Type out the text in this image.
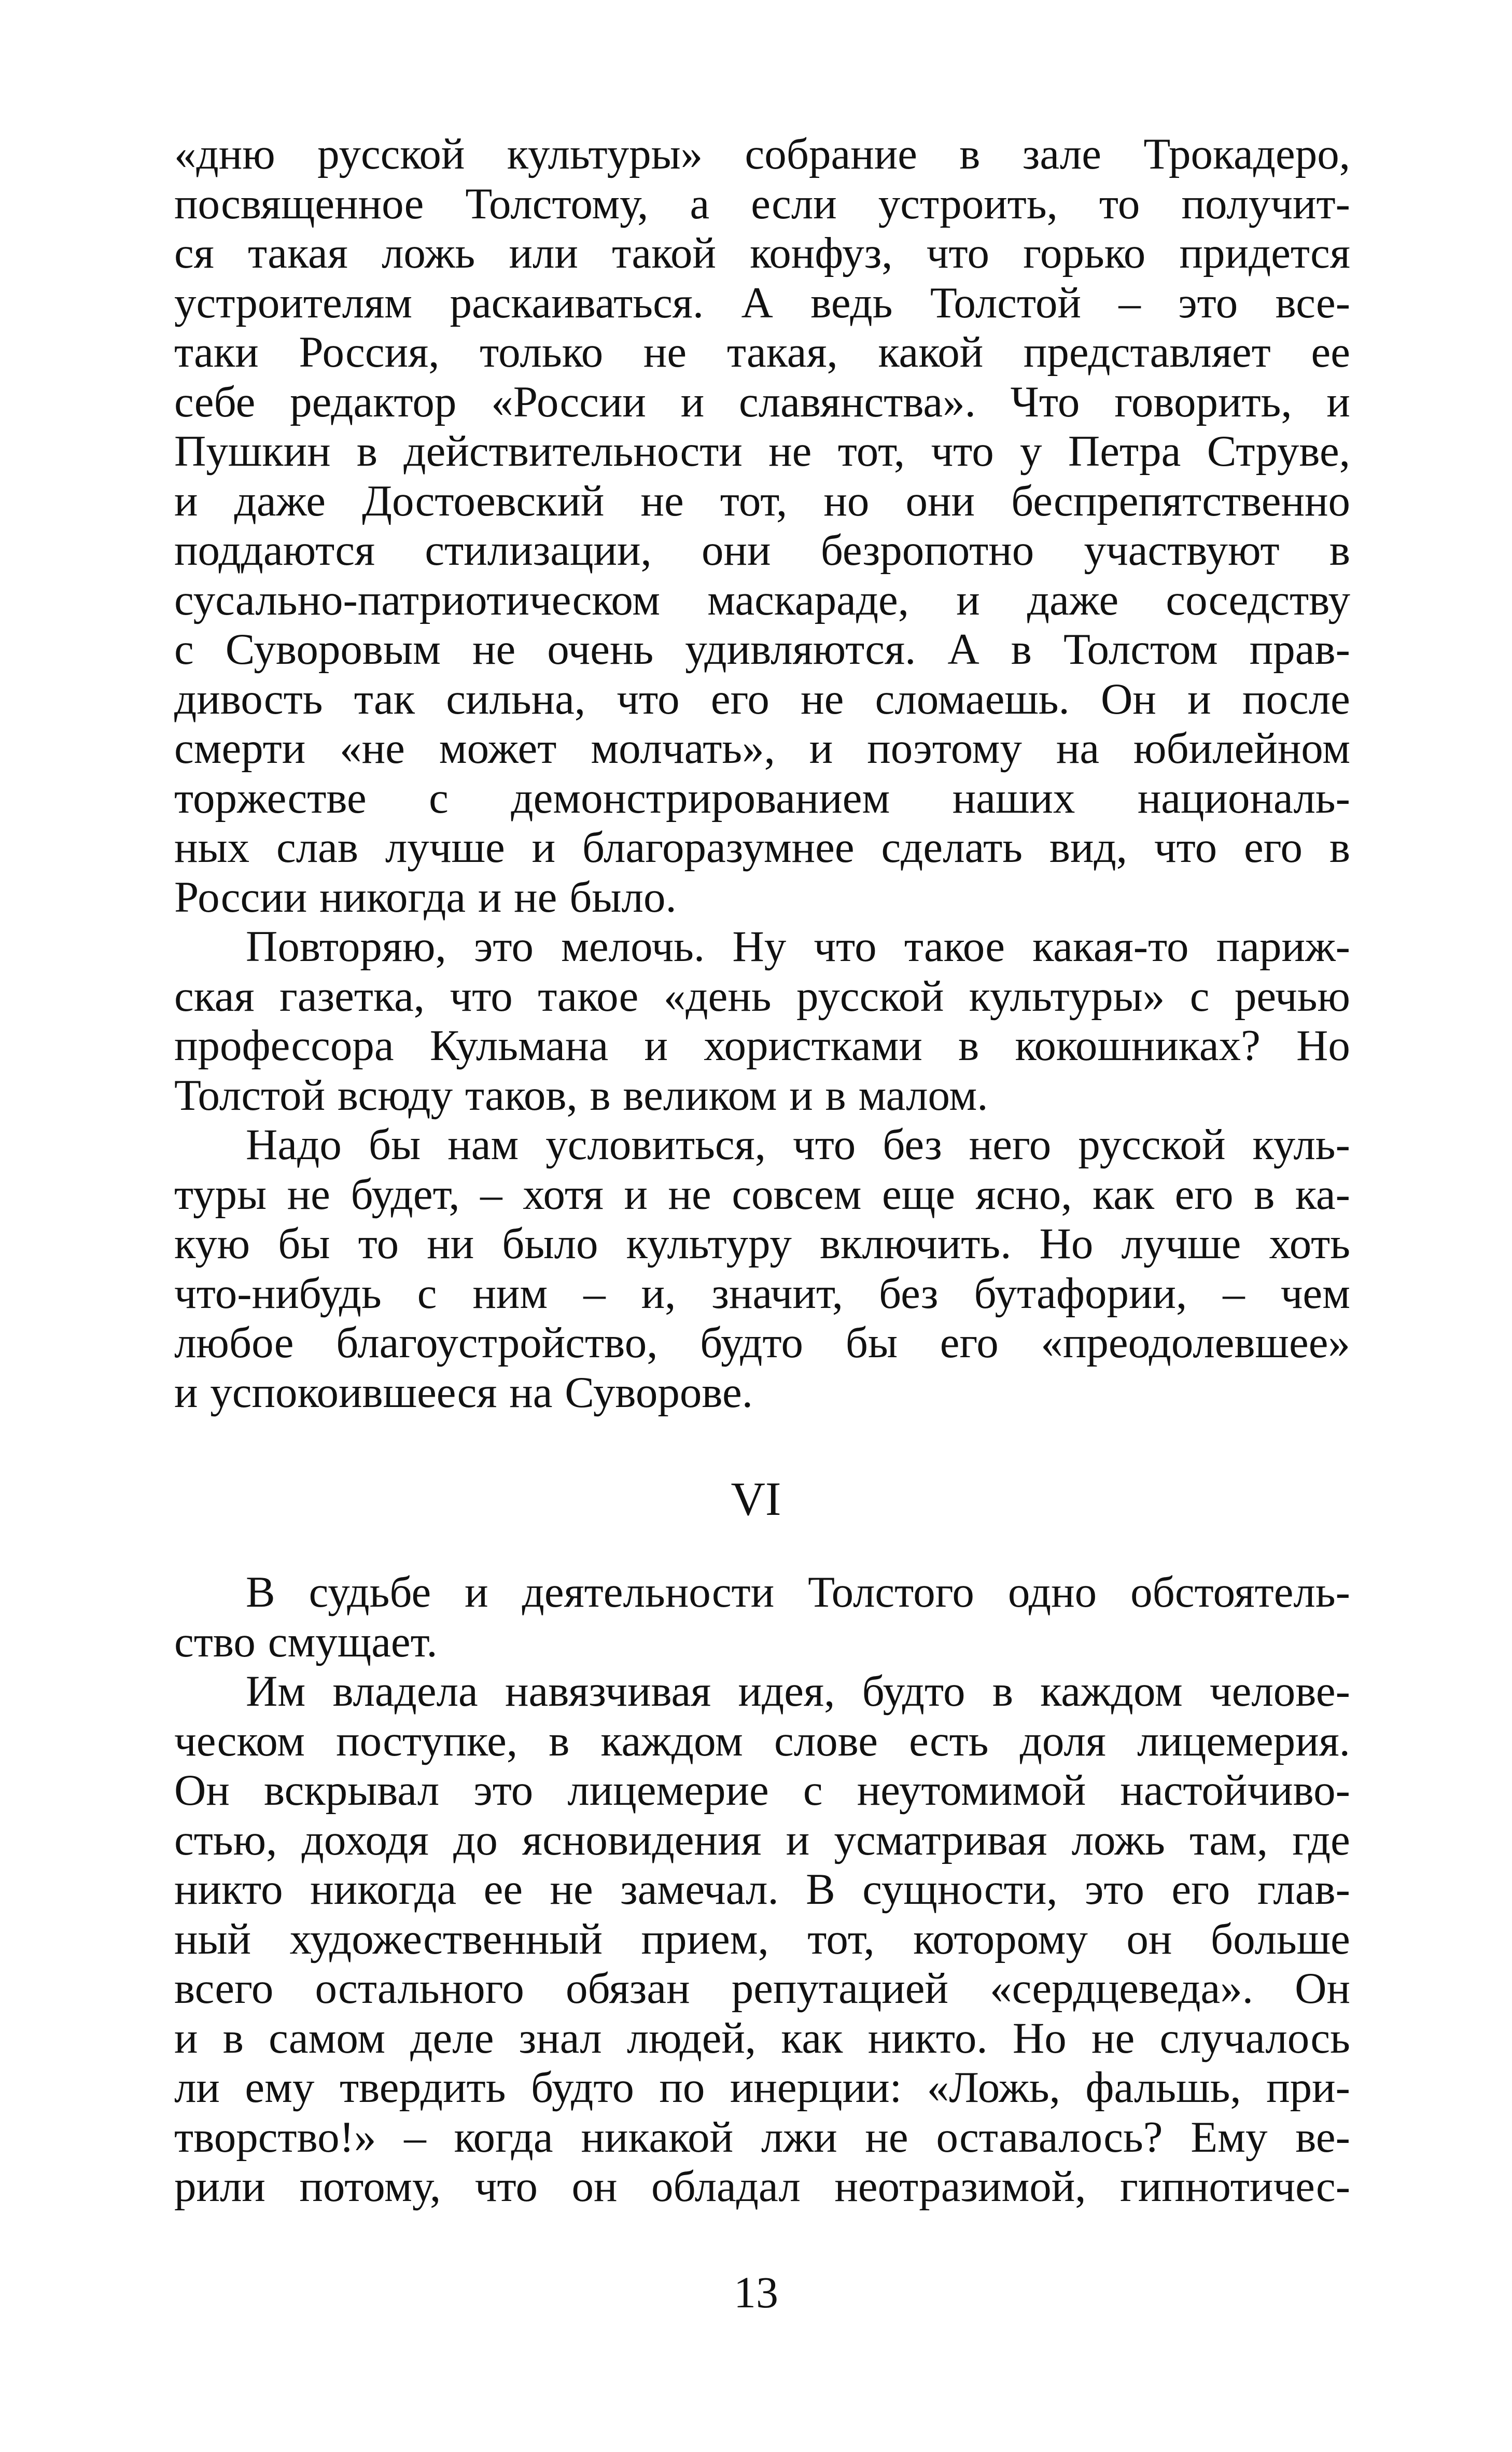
«дню русской культуры» собрание в зале Трокадеро,
посвященное Толстому, а если устроить, то получит-
ся такая ложь или такой конфуз, что горько придется
устроителям раскаиваться. А ведь Толстой – это все-
таки Россия, только не такая, какой представляет ее
себе редактор «России и славянства». Что говорить, и
Пушкин в действительности не тот, что у Петра Струве,
и даже Достоевский не тот, но они беспрепятственно
поддаются стилизации, они безропотно участвуют в
сусально-патриотическом маскараде, и даже соседству
с Суворовым не очень удивляются. А в Толстом прав-
дивость так сильна, что его не сломаешь. Он и после
смерти «не может молчать», и поэтому на юбилейном
торжестве с демонстрированием наших националь-
ных слав лучше и благоразумнее сделать вид, что его в
России никогда и не было.
Повторяю, это мелочь. Ну что такое какая-то париж-
ская газетка, что такое «день русской культуры» с речью
профессора Кульмана и хористками в кокошниках? Но
Толстой всюду таков, в великом и в малом.
Надо бы нам условиться, что без него русской куль-
туры не будет, – хотя и не совсем еще ясно, как его в ка-
кую бы то ни было культуру включить. Но лучше хоть
что-нибудь с ним – и, значит, без бутафории, – чем
любое благоустройство, будто бы его «преодолевшее»
и успокоившееся на Суворове.
VI
В судьбе и деятельности Толстого одно обстоятель-
ство смущает.
Им владела навязчивая идея, будто в каждом челове-
ческом поступке, в каждом слове есть доля лицемерия.
Он вскрывал это лицемерие с неутомимой настойчиво-
стью, доходя до ясновидения и усматривая ложь там, где
никто никогда ее не замечал. В сущности, это его глав-
ный художественный прием, тот, которому он больше
всего остального обязан репутацией «сердцеведа». Он
и в самом деле знал людей, как никто. Но не случалось
ли ему твердить будто по инерции: «Ложь, фальшь, при-
творство!» – когда никакой лжи не оставалось? Ему ве-
рили потому, что он обладал неотразимой, гипнотичес-
13
